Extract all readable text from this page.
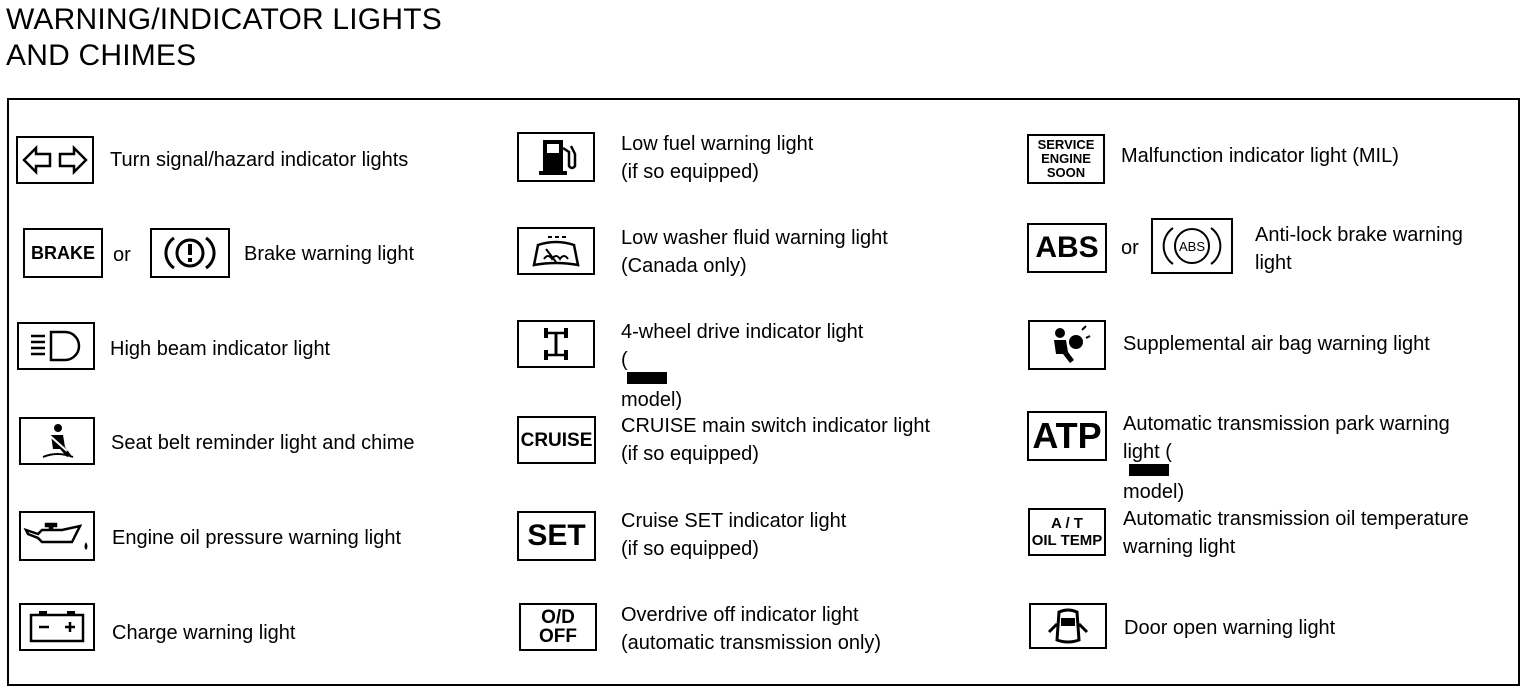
WARNING/INDICATOR LIGHTS
AND CHIMES
Turn signal/hazard indicator lights
BRAKE or	Brake warning light
High beam indicator light
Seat belt reminder light and chime
Engine oil pressure warning light
Charge warning light
Low fuel warning light
(if so equipped)
Low washer fluid warning light
(Canada only)
4-wheel drive indicator light
(
model)
CRUISE
CRUISE main switch indicator light
(if so equipped)
SET Cruise SET indicator light
(if so equipped)
O/D
OFF
Overdrive off indicator light
(automatic transmission only)
SERVICE
ENGINE
SOON
Malfunction indicator light (MIL)
ABS or	ABS
Anti-lock brake warning
light
Supplemental air bag warning light
ATP Automatic transmission park warning
light (
model)
A / T
OIL TEMP
Automatic transmission oil temperature
warning light
Door open warning light
